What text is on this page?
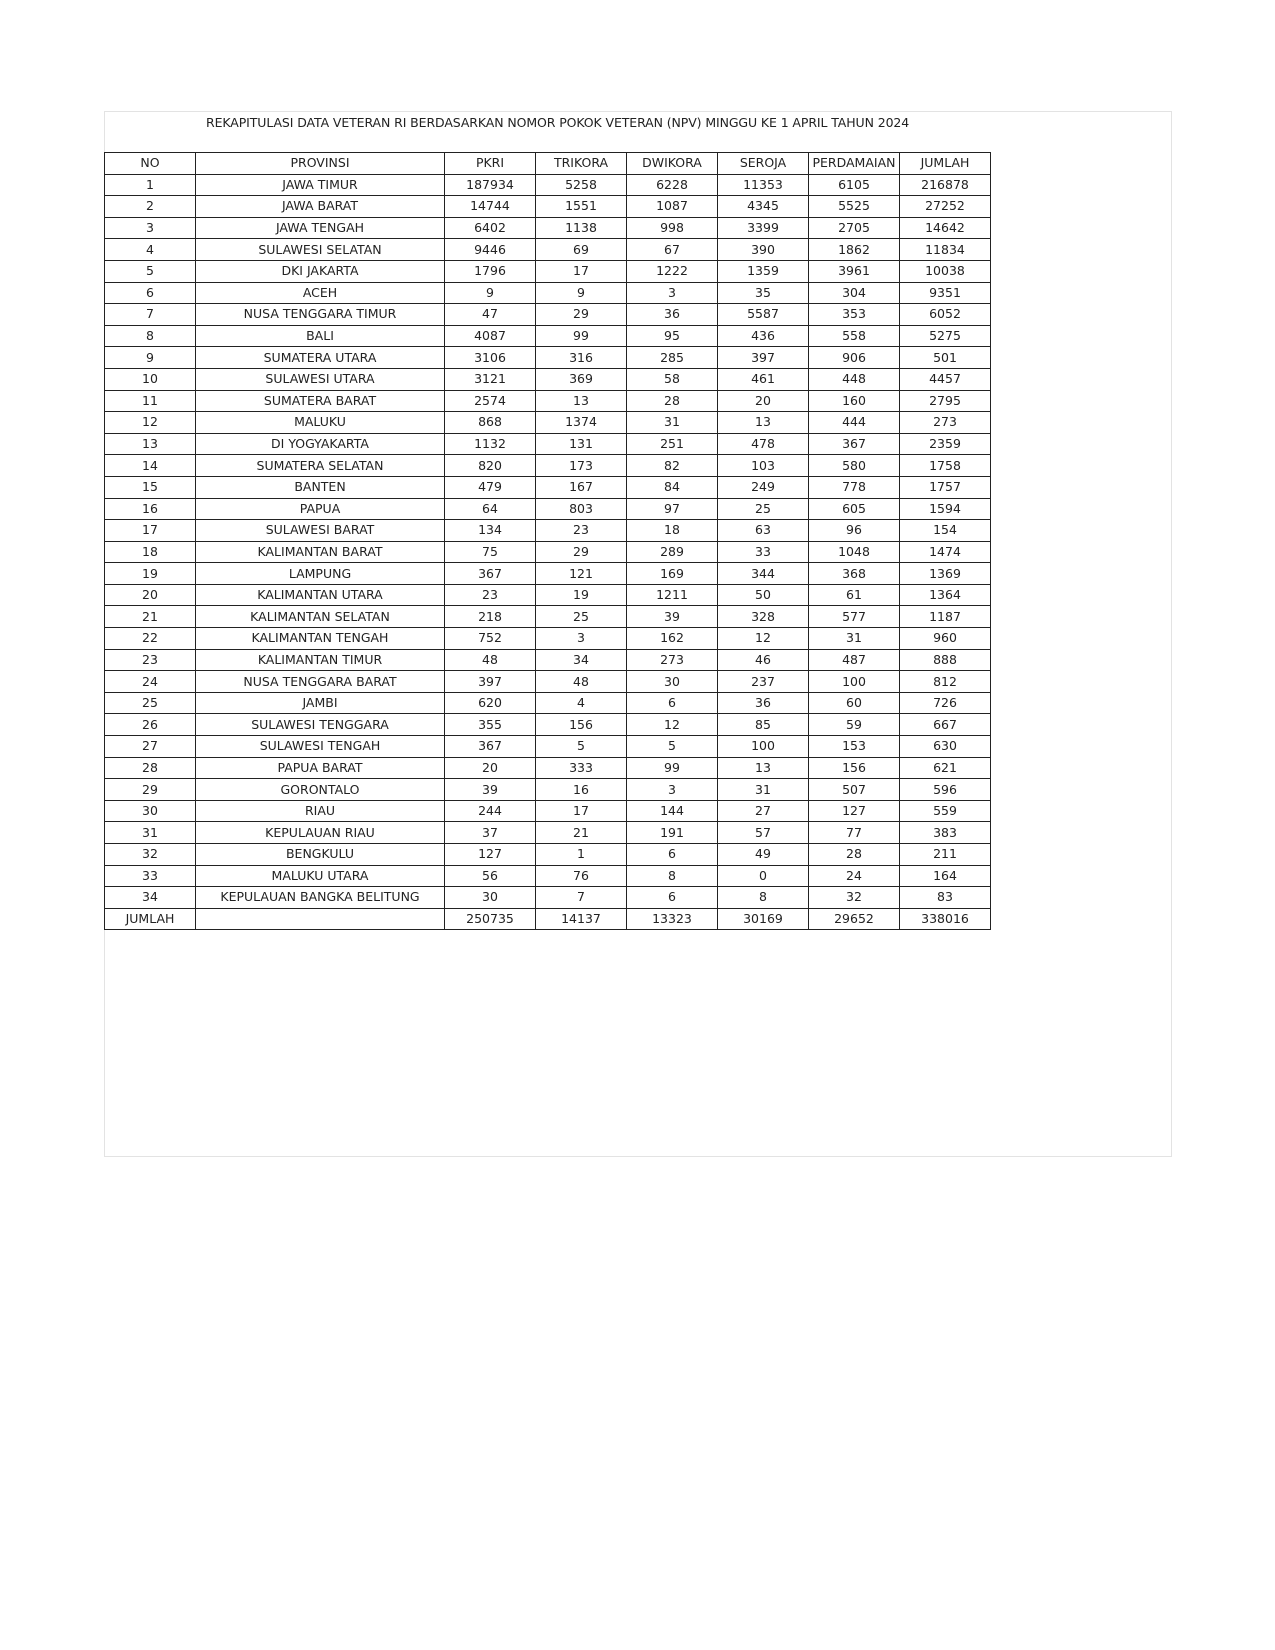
REKAPITULASI DATA VETERAN RI BERDASARKAN NOMOR POKOK VETERAN (NPV) MINGGU KE 1 APRIL TAHUN 2024
NO	PROVINSI	PKRI	TRIKORA	DWIKORA	SEROJA	PERDAMAIAN	JUMLAH
1	JAWA TIMUR	187934	5258	6228	11353	6105	216878
2	JAWA BARAT	14744	1551	1087	4345	5525	27252
3	JAWA TENGAH	6402	1138	998	3399	2705	14642
4	SULAWESI SELATAN	9446	69	67	390	1862	11834
5	DKI JAKARTA	1796	17	1222	1359	3961	10038
6	ACEH	9	9	3	35	304	9351
7	NUSA TENGGARA TIMUR	47	29	36	5587	353	6052
8	BALI	4087	99	95	436	558	5275
9	SUMATERA UTARA	3106	316	285	397	906	501
10	SULAWESI UTARA	3121	369	58	461	448	4457
11	SUMATERA BARAT	2574	13	28	20	160	2795
12	MALUKU	868	1374	31	13	444	273
13	DI YOGYAKARTA	1132	131	251	478	367	2359
14	SUMATERA SELATAN	820	173	82	103	580	1758
15	BANTEN	479	167	84	249	778	1757
16	PAPUA	64	803	97	25	605	1594
17	SULAWESI BARAT	134	23	18	63	96	154
18	KALIMANTAN BARAT	75	29	289	33	1048	1474
19	LAMPUNG	367	121	169	344	368	1369
20	KALIMANTAN UTARA	23	19	1211	50	61	1364
21	KALIMANTAN SELATAN	218	25	39	328	577	1187
22	KALIMANTAN TENGAH	752	3	162	12	31	960
23	KALIMANTAN TIMUR	48	34	273	46	487	888
24	NUSA TENGGARA BARAT	397	48	30	237	100	812
25	JAMBI	620	4	6	36	60	726
26	SULAWESI TENGGARA	355	156	12	85	59	667
27	SULAWESI TENGAH	367	5	5	100	153	630
28	PAPUA BARAT	20	333	99	13	156	621
29	GORONTALO	39	16	3	31	507	596
30	RIAU	244	17	144	27	127	559
31	KEPULAUAN RIAU	37	21	191	57	77	383
32	BENGKULU	127	1	6	49	28	211
33	MALUKU UTARA	56	76	8	0	24	164
34	KEPULAUAN BANGKA BELITUNG	30	7	6	8	32	83
JUMLAH		250735	14137	13323	30169	29652	338016
